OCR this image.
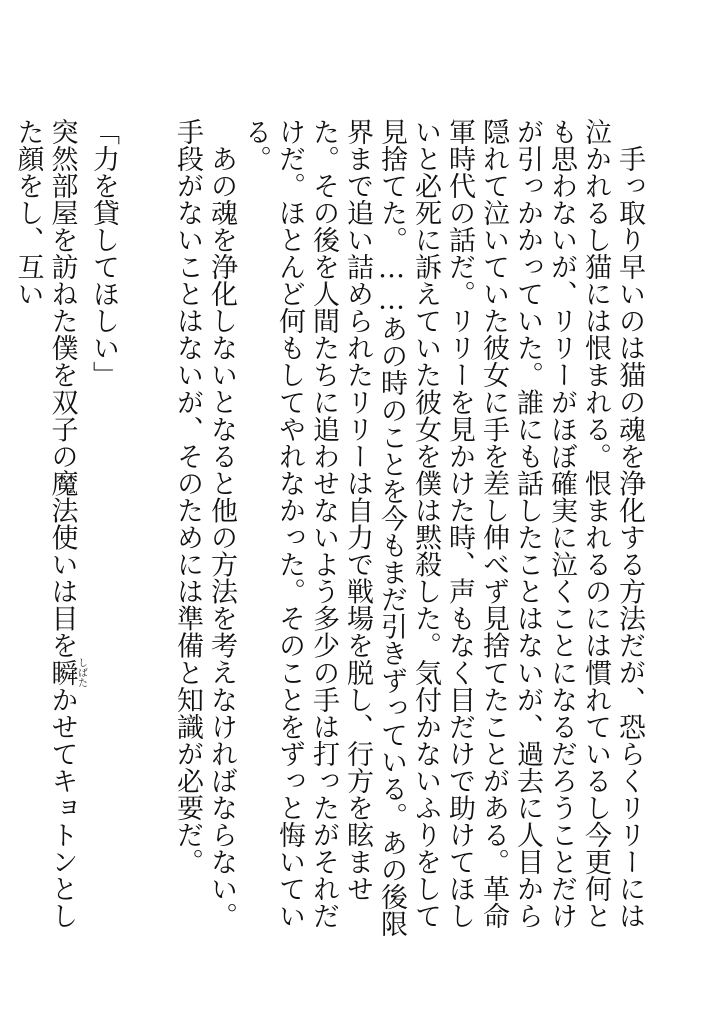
手っ取り早いのは猫の魂を浄化する方法だが、恐らくリリーには泣かれるし猫には恨まれる。恨まれるのには慣れているし今更何とも思わないが、リリーがほぼ確実に泣くことになるだろうことだけが引っかかっていた。誰にも話したことはないが、過去に人目から隠れて泣いていた彼女に手を差し伸べず見捨てたことがある。革命軍時代の話だ。リリーを見かけた時、声もなく目だけで助けてほしいと必死に訴えていた彼女を僕は黙殺した。気付かないふりをして見捨てた。……あの時のことを今もまだ引きずっている。あの後限界まで追い詰められたリリーは自力で戦場を脱し、行方を眩ませた。その後を人間たちに追わせないよう多少の手は打ったがそれだけだ。ほとんど何もしてやれなかった。そのことをずっと悔いている。

あの魂を浄化しないとなると他の方法を考えなければならない。手段がないことはないが、そのためには準備と知識が必要だ。

「力を貸してほしい」

突然部屋を訪ねた僕を双子の魔法使いは目を瞬しばたかせてキョトンとした顔をし、互い
